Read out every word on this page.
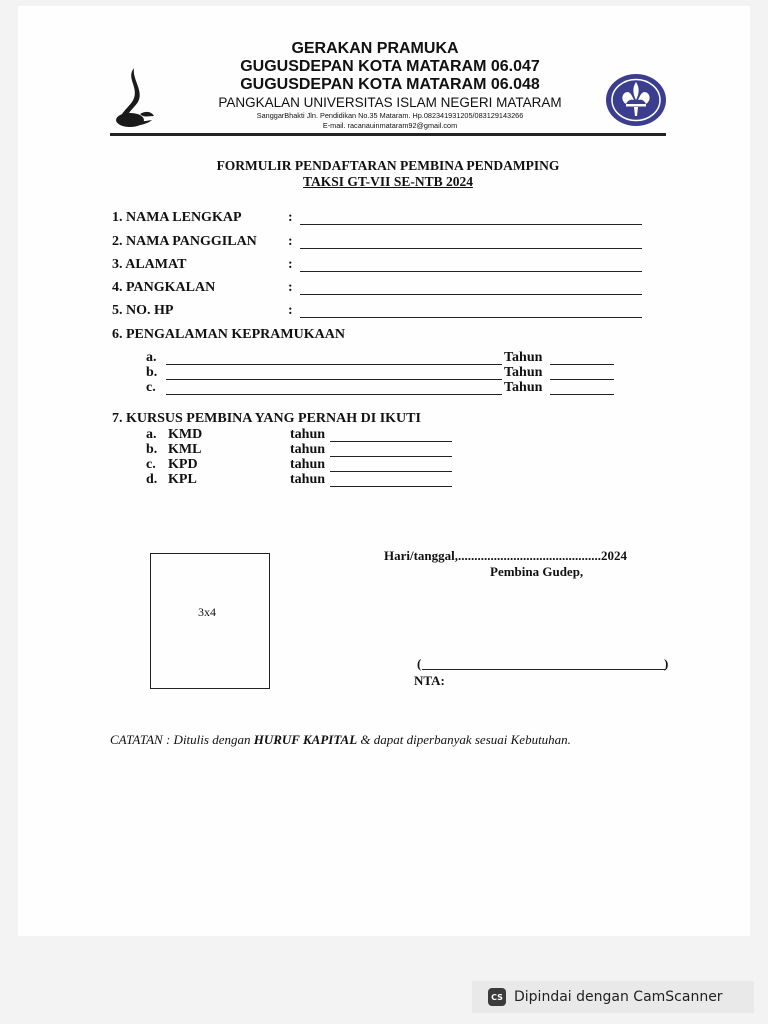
GERAKAN PRAMUKA
GUGUSDEPAN KOTA MATARAM 06.047
GUGUSDEPAN KOTA MATARAM 06.048
PANGKALAN UNIVERSITAS ISLAM NEGERI MATARAM
SanggarBhakti Jln. Pendidikan No.35 Mataram. Hp.082341931205/083129143266
E-mail. racanauinmataram92@gmail.com
FORMULIR PENDAFTARAN PEMBINA PENDAMPING
TAKSI GT-VII SE-NTB 2024
1. NAMA LENGKAP	:
2. NAMA PANGGILAN :
3. ALAMAT	:
4. PANGKALAN	:
5. NO. HP	:
6. PENGALAMAN KEPRAMUKAAN
a.	Tahun
b.	Tahun
c.	Tahun
7. KURSUS PEMBINA YANG PERNAH DI IKUTI
a. KMD	tahun
b. KML	tahun
c. KPD	tahun
d. KPL	tahun
3x4
Hari/tanggal,............................................2024
Pembina Gudep,
(	)
NTA:
CATATAN : Ditulis dengan HURUF KAPITAL & dapat diperbanyak sesuai Kebutuhan.
CS Dipindai dengan CamScanner
